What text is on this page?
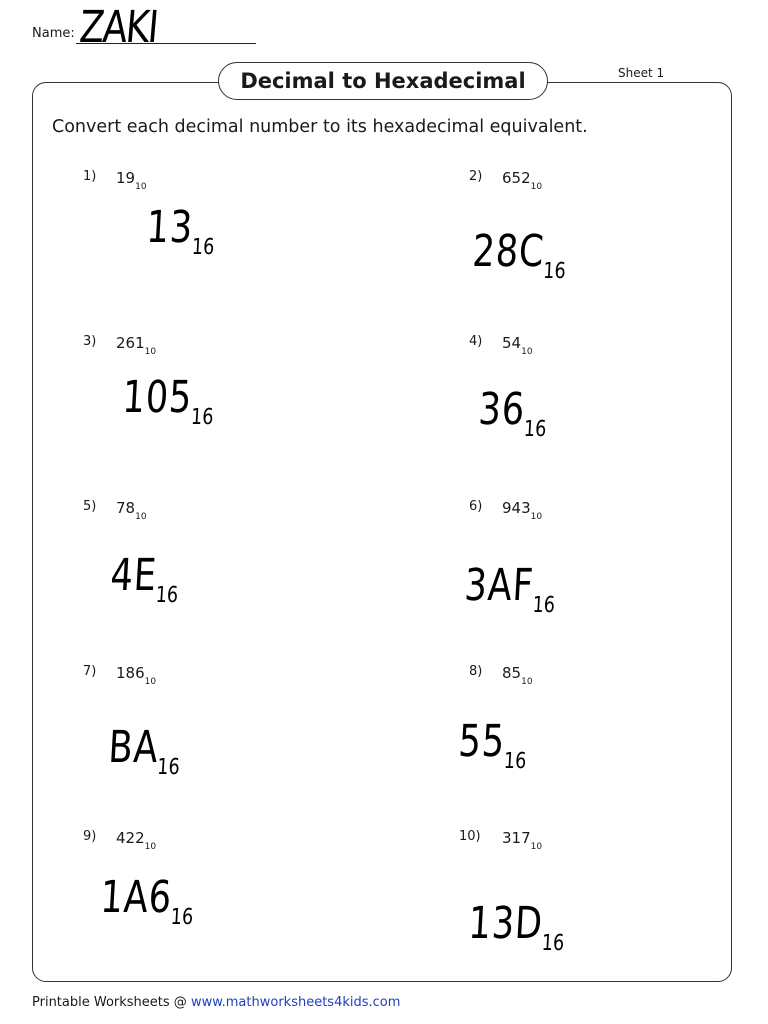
Name: ZAKI
Decimal to Hexadecimal	Sheet 1
Convert each decimal number to its hexadecimal equivalent.
1) $19_{10}$
$13_{16}$
2) $652_{10}$
$28C_{16}$
3) $261_{10}$
$105_{16}$
4) $54_{10}$
$36_{16}$
5) $78_{10}$
$4E_{16}$
6) $943_{10}$
$3AF_{16}$
7) $186_{10}$
$BA_{16}$
8) $85_{10}$
$55_{16}$
9) $422_{10}$
$1A6_{16}$
10) $317_{10}$
$13D_{16}$
Printable Worksheets @ www.mathworksheets4kids.com
